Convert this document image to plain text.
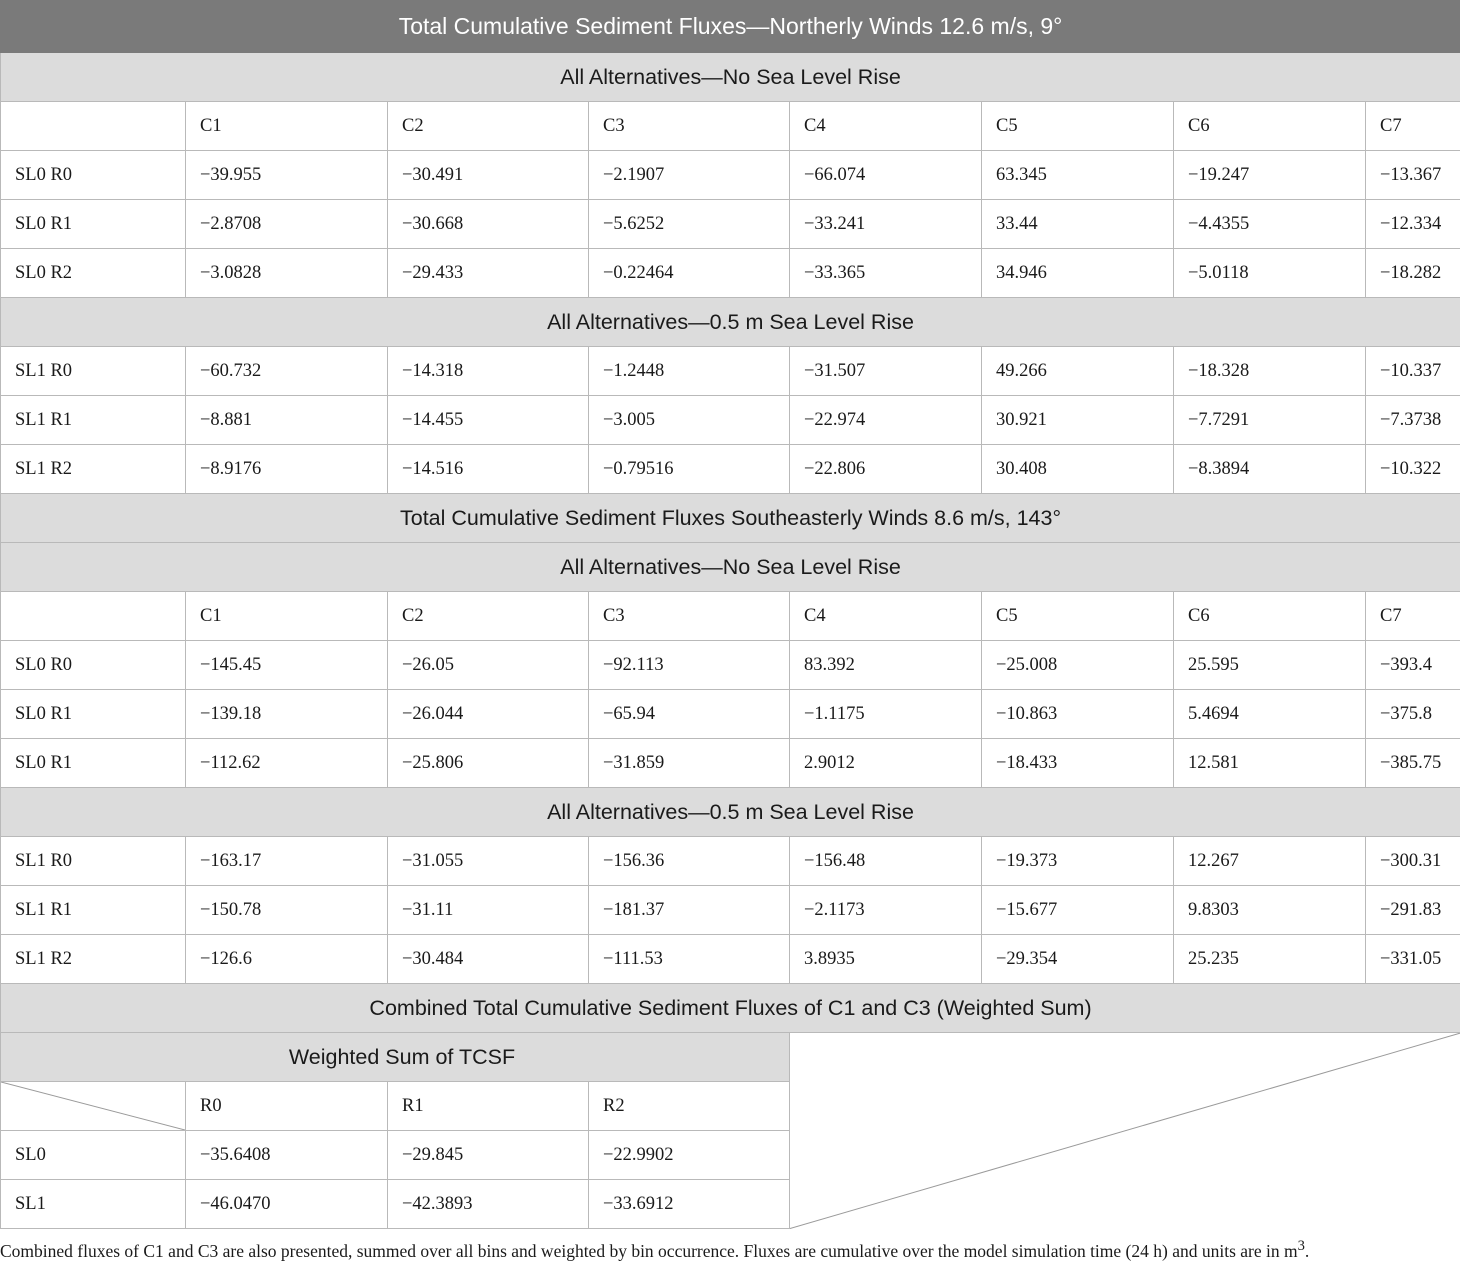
Total Cumulative Sediment Fluxes—Northerly Winds 12.6 m/s, 9°							
All Alternatives—No Sea Level Rise							
	C1	C2	C3	C4	C5	C6	C7
SL0 R0	−39.955	−30.491	−2.1907	−66.074	63.345	−19.247	−13.367
SL0 R1	−2.8708	−30.668	−5.6252	−33.241	33.44	−4.4355	−12.334
SL0 R2	−3.0828	−29.433	−0.22464	−33.365	34.946	−5.0118	−18.282
All Alternatives—0.5 m Sea Level Rise							
SL1 R0	−60.732	−14.318	−1.2448	−31.507	49.266	−18.328	−10.337
SL1 R1	−8.881	−14.455	−3.005	−22.974	30.921	−7.7291	−7.3738
SL1 R2	−8.9176	−14.516	−0.79516	−22.806	30.408	−8.3894	−10.322
Total Cumulative Sediment Fluxes Southeasterly Winds 8.6 m/s, 143°							
All Alternatives—No Sea Level Rise							
	C1	C2	C3	C4	C5	C6	C7
SL0 R0	−145.45	−26.05	−92.113	83.392	−25.008	25.595	−393.4
SL0 R1	−139.18	−26.044	−65.94	−1.1175	−10.863	5.4694	−375.8
SL0 R1	−112.62	−25.806	−31.859	2.9012	−18.433	12.581	−385.75
All Alternatives—0.5 m Sea Level Rise							
SL1 R0	−163.17	−31.055	−156.36	−156.48	−19.373	12.267	−300.31
SL1 R1	−150.78	−31.11	−181.37	−2.1173	−15.677	9.8303	−291.83
SL1 R2	−126.6	−30.484	−111.53	3.8935	−29.354	25.235	−331.05
Combined Total Cumulative Sediment Fluxes of C1 and C3 (Weighted Sum)							
Weighted Sum of TCSF	

	R0	R1	R2				
SL0	−35.6408	−29.845	−22.9902				
SL1	−46.0470	−42.3893	−33.6912				
Combined fluxes of C1 and C3 are also presented, summed over all bins and weighted by bin occurrence. Fluxes are cumulative over the model simulation time (24 h) and units are in $m^3$.
